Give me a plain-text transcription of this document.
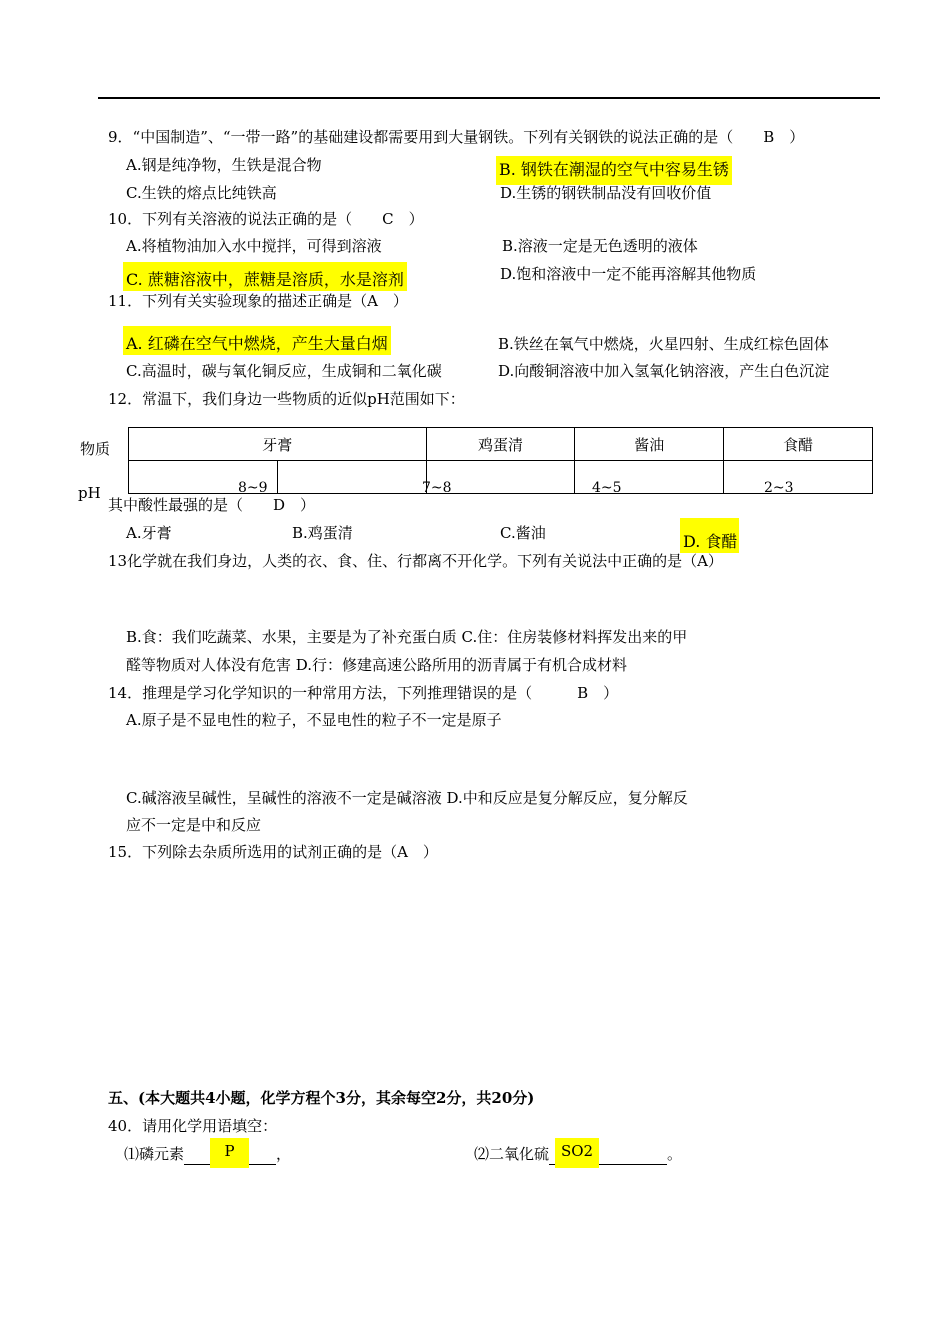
9．“中国制造”、“一带一路”的基础建设都需要用到大量钢铁。下列有关钢铁的说法正确的是（　　B　）
A.钢是纯净物，生铁是混合物	B. 钢铁在潮湿的空气中容易生锈
C.生铁的熔点比纯铁高	D.生锈的钢铁制品没有回收价值
10．下列有关溶液的说法正确的是（　　C　）
A.将植物油加入水中搅拌，可得到溶液	B.溶液一定是无色透明的液体
C. 蔗糖溶液中，蔗糖是溶质，水是溶剂	D.饱和溶液中一定不能再溶解其他物质
11．下列有关实验现象的描述正确是（A　）
A. 红磷在空气中燃烧，产生大量白烟	B.铁丝在氧气中燃烧，火星四射、生成红棕色固体
C.高温时，碳与氧化铜反应，生成铜和二氧化碳	D.向酸铜溶液中加入氢氧化钠溶液，产生白色沉淀
12．常温下，我们身边一些物质的近似pH范围如下：
物质
pH
牙膏		鸡蛋清	酱油	食醋

8~9	7~8	4~5	2~3
其中酸性最强的是（　　D　）
A.牙膏	B.鸡蛋清	C.酱油	D. 食醋
13化学就在我们身边，人类的衣、食、住、行都离不开化学。下列有关说法中正确的是（A）
B.食：我们吃蔬菜、水果，主要是为了补充蛋白质 C.住：住房装修材料挥发出来的甲
醛等物质对人体没有危害 D.行：修建高速公路所用的沥青属于有机合成材料
14．推理是学习化学知识的一种常用方法，下列推理错误的是（　　　B　）
A.原子是不显电性的粒子，不显电性的粒子不一定是原子
C.碱溶液呈碱性，呈碱性的溶液不一定是碱溶液 D.中和反应是复分解反应，复分解反
应不一定是中和反应
15．下列除去杂质所选用的试剂正确的是（A　）
五、(本大题共4小题，化学方程个3分，其余每空2分，共20分)
40．请用化学用语填空：
⑴磷元素	P	，	⑵二氧化硫 SO2	。
